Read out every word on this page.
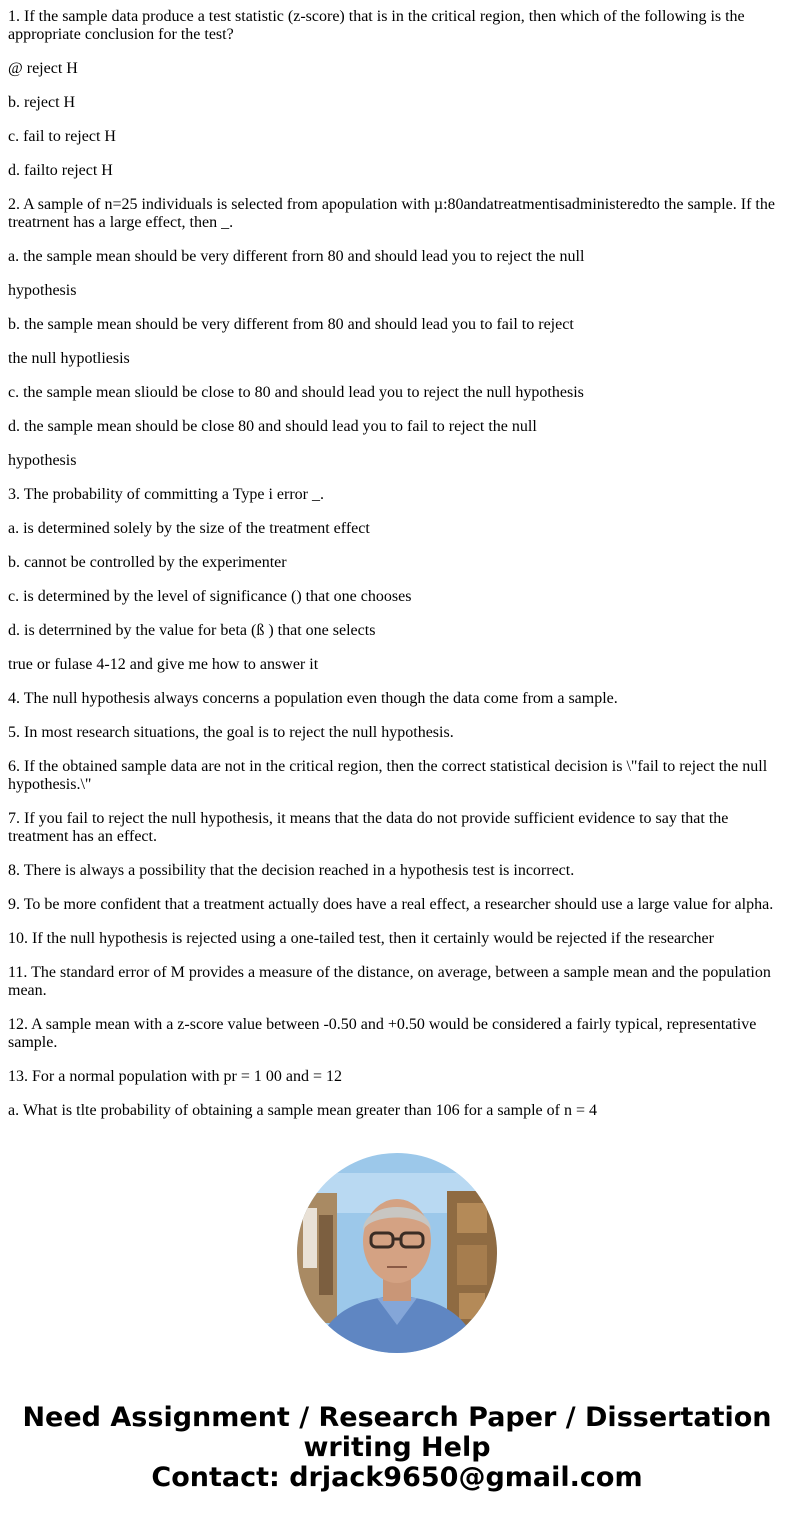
1. If the sample data produce a test statistic (z-score) that is in the critical region, then which of the following is the appropriate conclusion for the test?

@ reject H

b. reject H

c. fail to reject H

d. failto reject H

2. A sample of n=25 individuals is selected from apopulation with µ:80andatreatmentisadministeredto the sample. If the treatrnent has a large effect, then _.

a. the sample mean should be very different frorn 80 and should lead you to reject the null

hypothesis

b. the sample mean should be very different from 80 and should lead you to fail to reject

the null hypotliesis

c. the sample mean sliould be close to 80 and should lead you to reject the null hypothesis

d. the sample mean should be close 80 and should lead you to fail to reject the null

hypothesis

3. The probability of committing a Type i error _.

a. is determined solely by the size of the treatment effect

b. cannot be controlled by the experimenter

c. is determined by the level of significance () that one chooses

d. is deterrnined by the value for beta (ß ) that one selects

true or fulase 4-12 and give me how to answer it

4. The null hypothesis always concerns a population even though the data come from a sample.

5. In most research situations, the goal is to reject the null hypothesis.

6. If the obtained sample data are not in the critical region, then the correct statistical decision is \"fail to reject the null hypothesis.\"

7. If you fail to reject the null hypothesis, it means that the data do not provide sufficient evidence to say that the treatment has an effect.

8. There is always a possibility that the decision reached in a hypothesis test is incorrect.

9. To be more confident that a treatment actually does have a real effect, a researcher should use a large value for alpha.

10. If the null hypothesis is rejected using a one-tailed test, then it certainly would be rejected if the researcher

11. The standard error of M provides a measure of the distance, on average, between a sample mean and the population mean.

12. A sample mean with a z-score value between -0.50 and +0.50 would be considered a fairly typical, representative sample.

13. For a normal population with pr = 1 00 and = 12

a. What is tlte probability of obtaining a sample mean greater than 106 for a sample of n = 4

Need Assignment / Research Paper / Dissertation writing Help
Contact: drjack9650@gmail.com
